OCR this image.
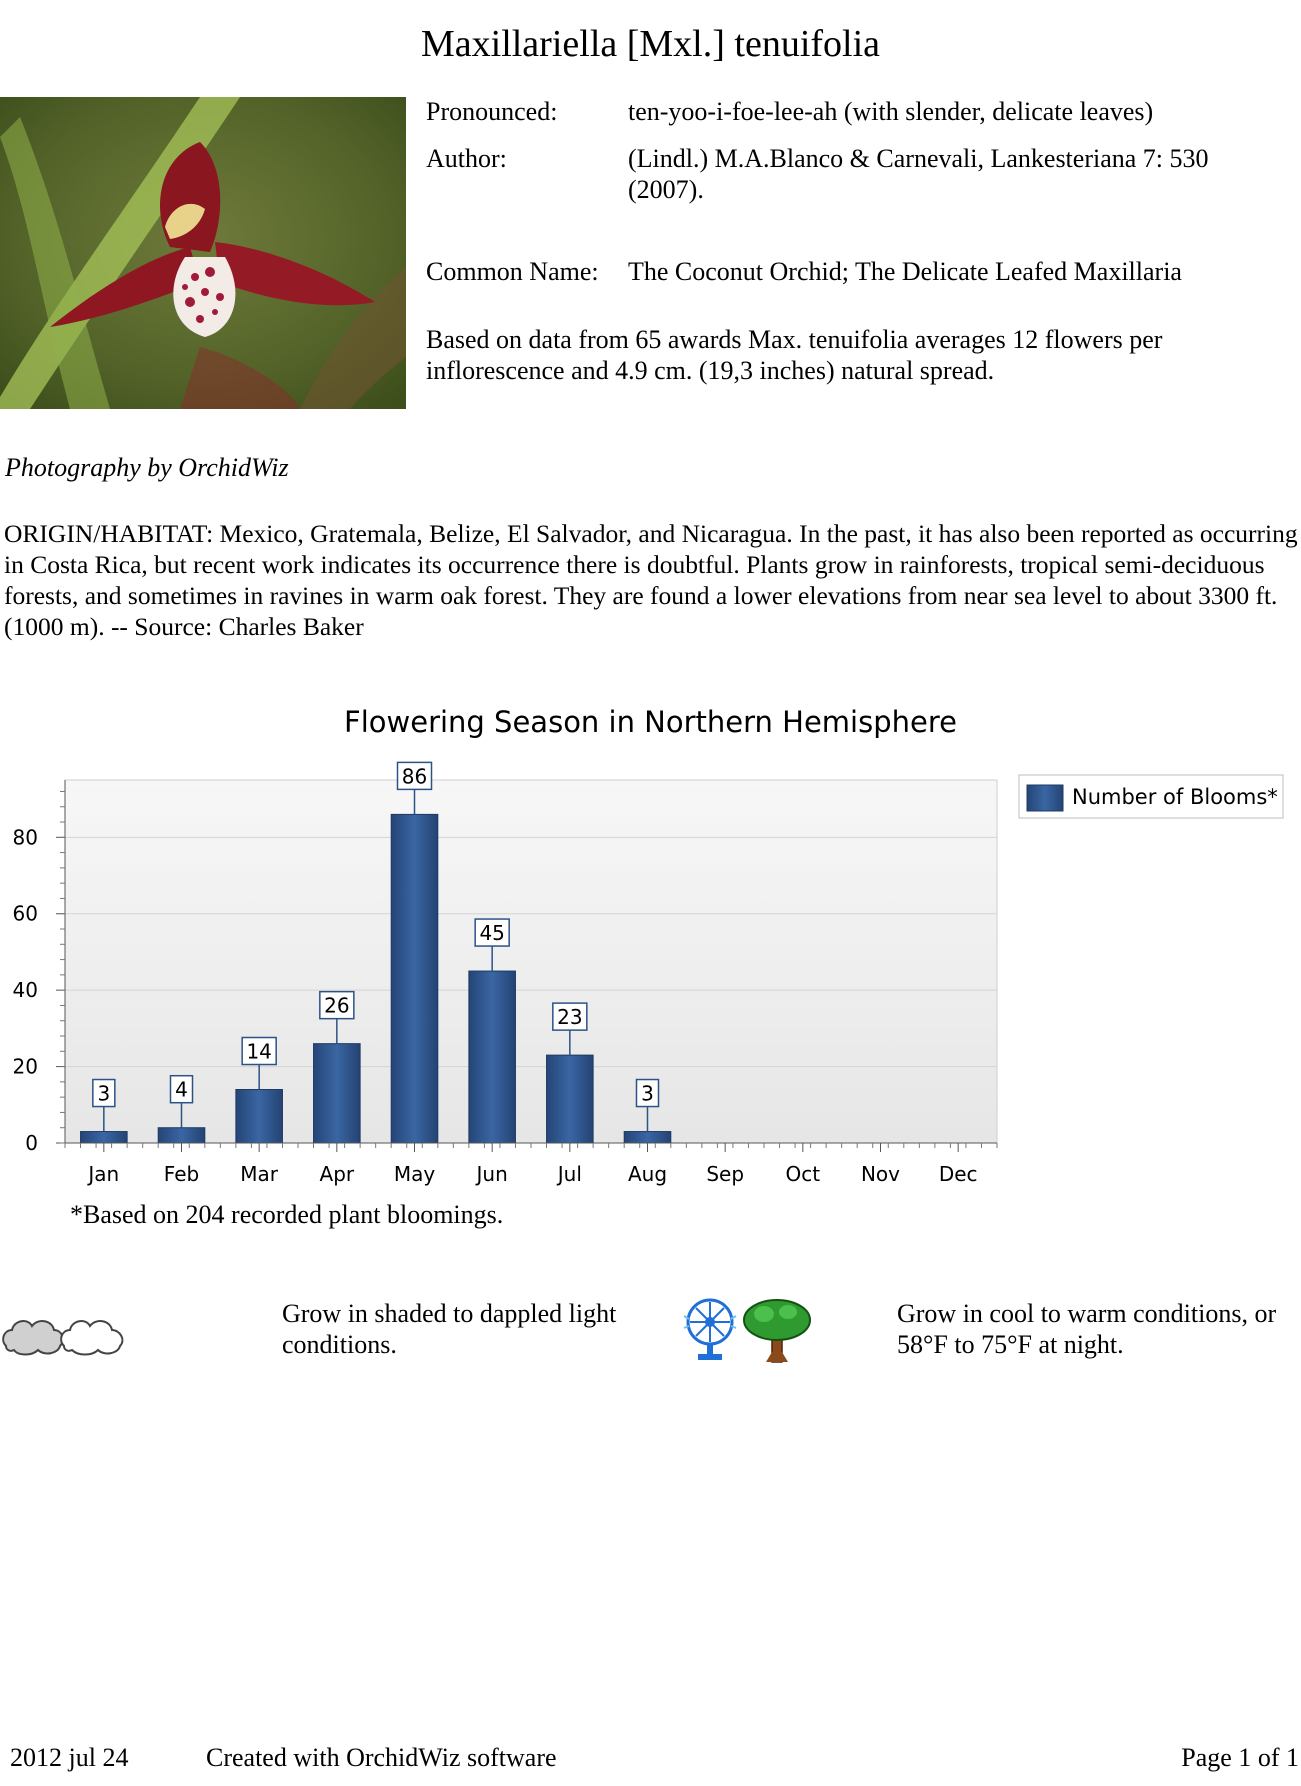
Maxillariella [Mxl.] tenuifolia
Pronounced:	ten-yoo-i-foe-lee-ah (with slender, delicate leaves)
Author:	(Lindl.) M.A.Blanco & Carnevali, Lankesteriana 7: 530 (2007).
Common Name: The Coconut Orchid; The Delicate Leafed Maxillaria
Based on data from 65 awards Max. tenuifolia averages 12 flowers per inflorescence and 4.9 cm. (19,3 inches) natural spread.
Photography by OrchidWiz
ORIGIN/HABITAT: Mexico, Gratemala, Belize, El Salvador, and Nicaragua. In the past, it has also been reported as occurring in Costa Rica, but recent work indicates its occurrence there is doubtful. Plants grow in rainforests, tropical semi-deciduous forests, and sometimes in ravines in warm oak forest. They are found a lower elevations from near sea level to about 3300 ft. (1000 m). -- Source: Charles Baker
Flowering Season in Northern Hemisphere
0
20
40
60
80
Jan Feb Mar Apr May Jun Jul Aug Sep Oct Nov Dec
3	4
14
26
86
45
23
3
Number of Blooms*
*Based on 204 recorded plant bloomings.
Grow in shaded to dappled light conditions.
Grow in cool to warm conditions, or 58°F to 75°F at night.
2012 jul 24	Created with OrchidWiz software	Page 1 of 1
